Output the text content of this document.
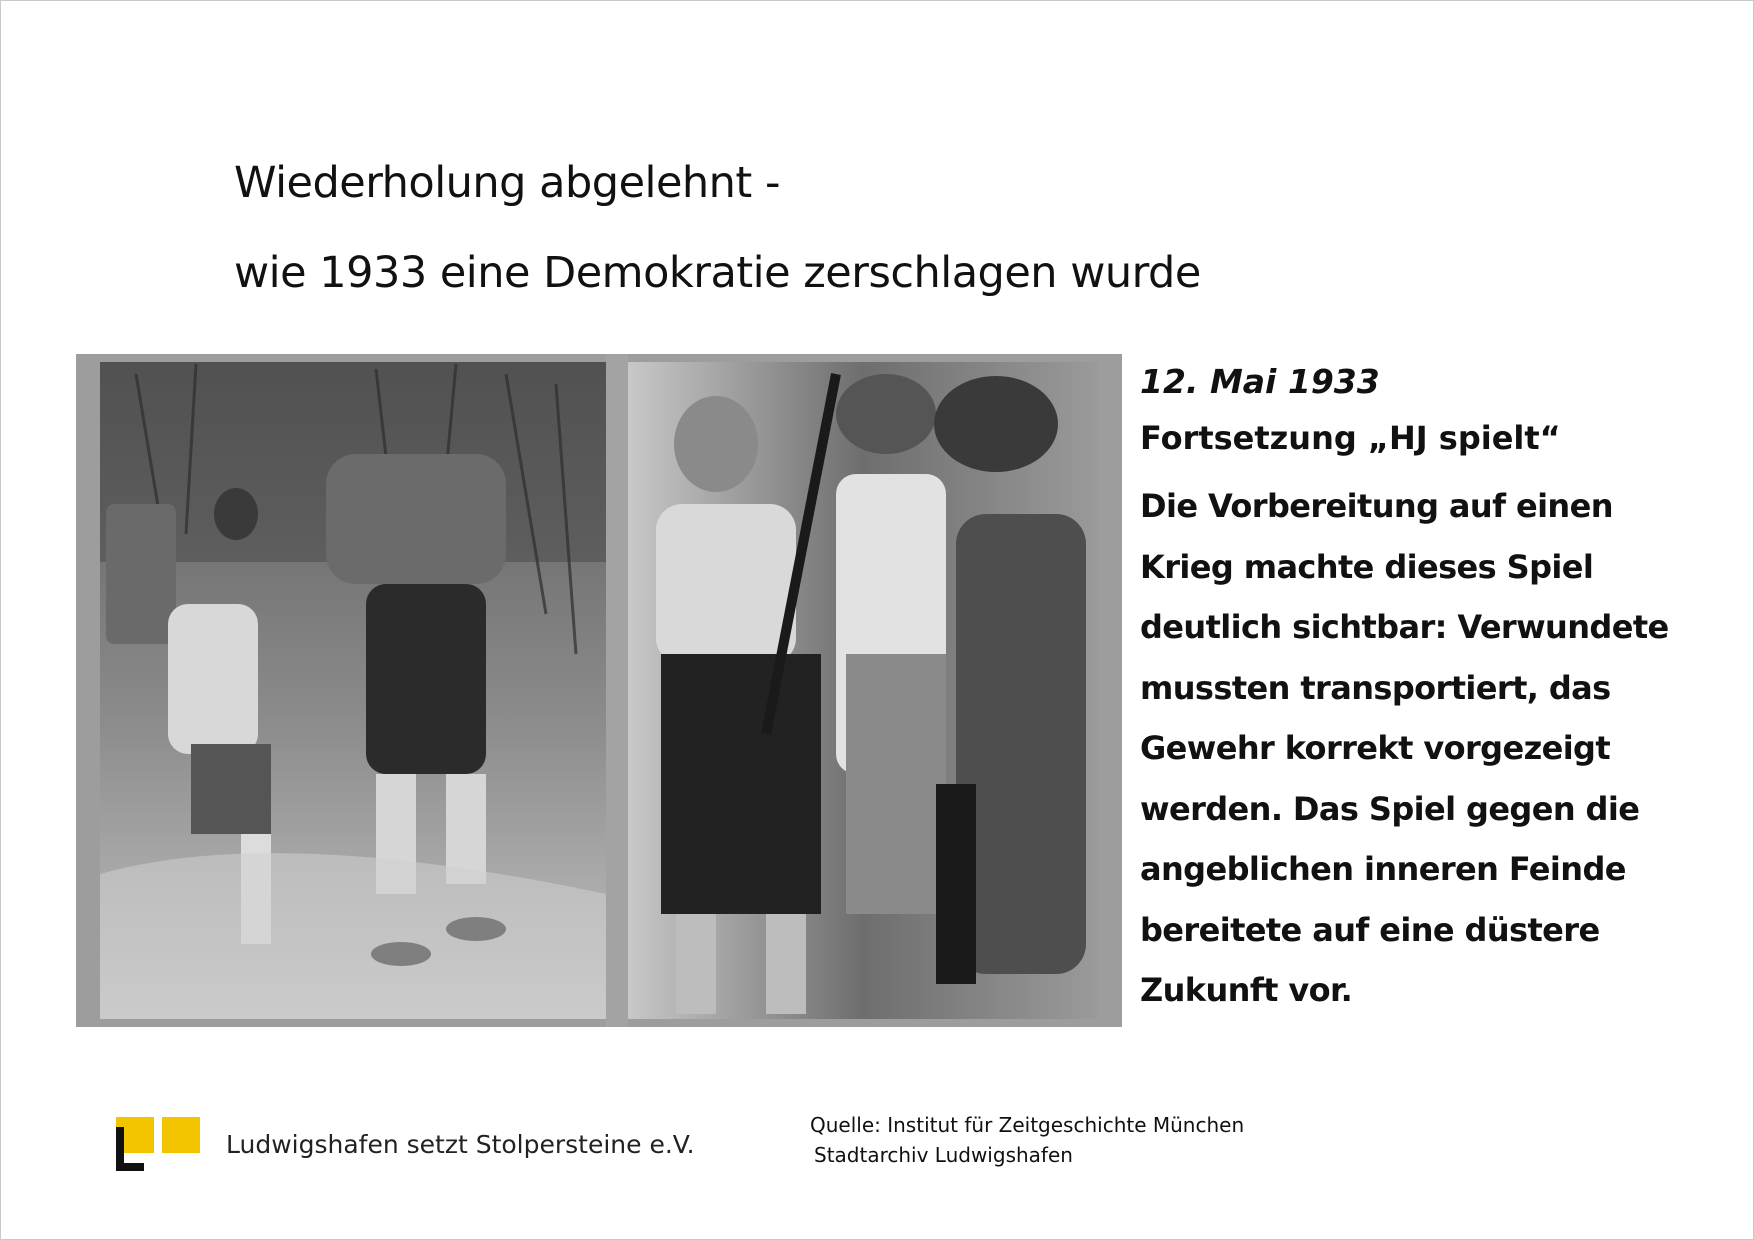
Wiederholung abgelehnt -
wie 1933 eine Demokratie zerschlagen wurde
12. Mai 1933
Fortsetzung „HJ spielt“
Die Vorbereitung auf einen
Krieg machte dieses Spiel
deutlich sichtbar: Verwundete
mussten transportiert, das
Gewehr korrekt vorgezeigt
werden. Das Spiel gegen die
angeblichen inneren Feinde
bereitete auf eine düstere
Zukunft vor.
Ludwigshafen setzt Stolpersteine e.V.
Quelle: Institut für Zeitgeschichte München
Stadtarchiv Ludwigshafen
